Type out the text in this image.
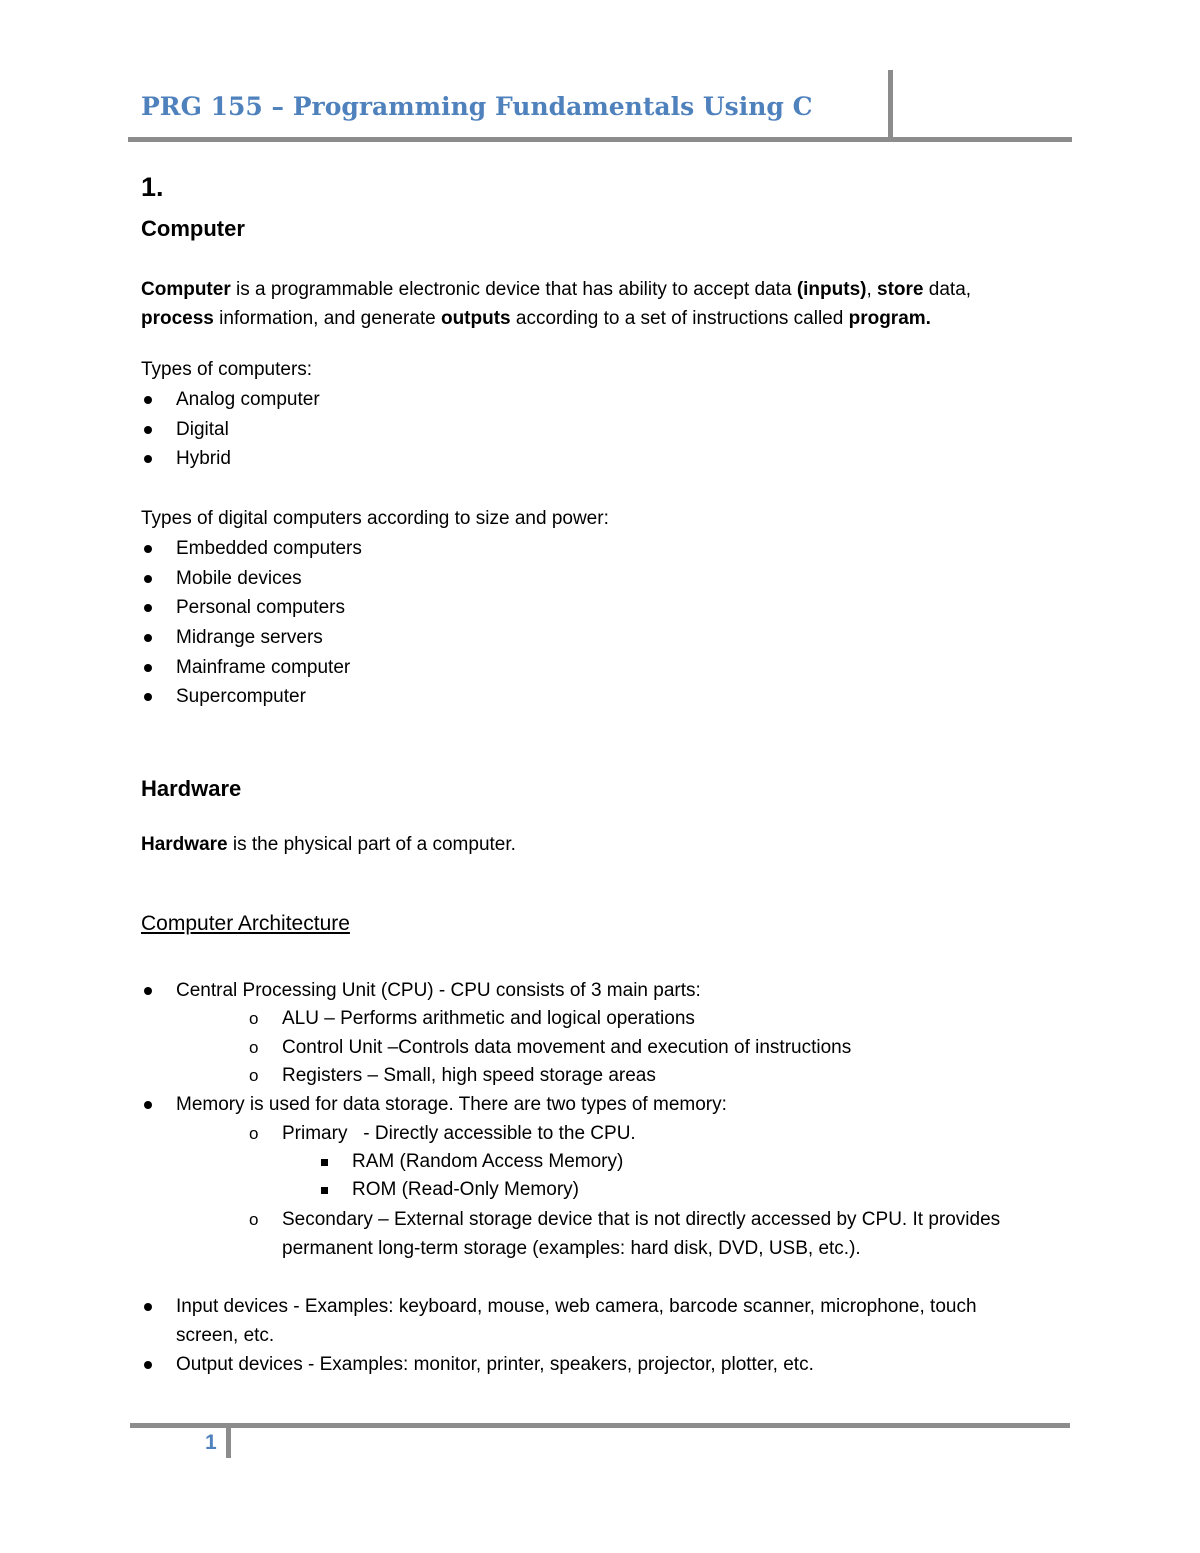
PRG 155 – Programming Fundamentals Using C
1.
Computer
Computer is a programmable electronic device that has ability to accept data (inputs), store data,
process information, and generate outputs according to a set of instructions called program.
Types of computers:
Analog computer
Digital
Hybrid
Types of digital computers according to size and power:
Embedded computers
Mobile devices
Personal computers
Midrange servers
Mainframe computer
Supercomputer
Hardware
Hardware is the physical part of a computer.
Computer Architecture
Central Processing Unit (CPU) - CPU consists of 3 main parts:
o ALU – Performs arithmetic and logical operations
o Control Unit –Controls data movement and execution of instructions
o Registers – Small, high speed storage areas
Memory is used for data storage. There are two types of memory:
o Primary   - Directly accessible to the CPU.
RAM (Random Access Memory)
ROM (Read-Only Memory)
o Secondary – External storage device that is not directly accessed by CPU. It provides
permanent long-term storage (examples: hard disk, DVD, USB, etc.).
Input devices - Examples: keyboard, mouse, web camera, barcode scanner, microphone, touch
screen, etc.
Output devices - Examples: monitor, printer, speakers, projector, plotter, etc.
1
